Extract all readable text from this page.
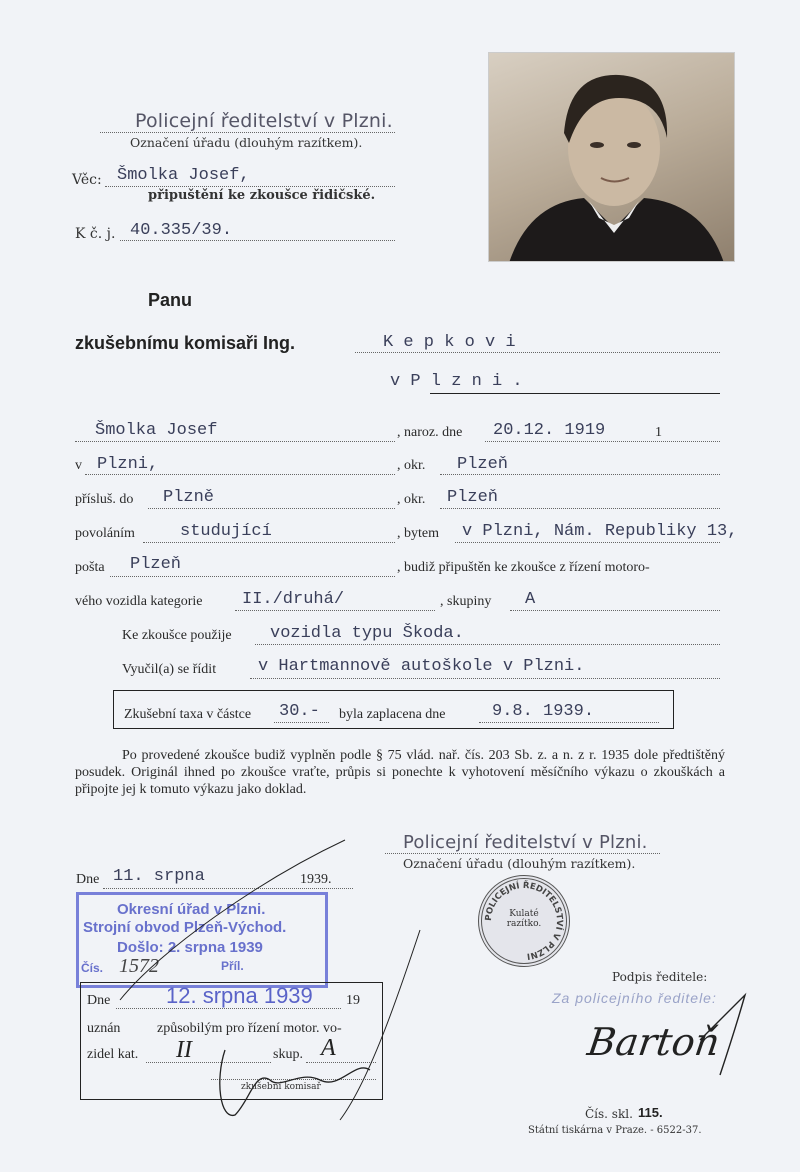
Policejní ředitelství v Plzni.
Označení úřadu (dlouhým razítkem).
Věc: Šmolka Josef,
připuštění ke zkoušce řidičské.
K č. j. 40.335/39.
Panu
zkušebnímu komisaři Ing.	K e p k o v i
v P l z n i .
Šmolka Josef	, naroz. dne 20.12. 1919	1
v Plzni,	, okr. Plzeň
přísluš. do Plzně	, okr. Plzeň
povoláním	studující	, bytem v Plzni, Nám. Republiky 13,
pošta Plzeň	, budiž připuštěn ke zkoušce z řízení motoro-
vého vozidla kategorie II./druhá/	, skupiny A
Ke zkoušce použije vozidla typu Škoda.
Vyučil(a) se řídit v Hartmannově autoškole v Plzni.
Zkušební taxa v částce 30.- byla zaplacena dne	9.8. 1939.
Po provedené zkoušce budiž vyplněn podle § 75 vlád. nař. čís. 203 Sb. z. a n. z r. 1935 dole předtištěný posudek. Originál ihned po zkoušce vraťte, průpis si ponechte k vyhotovení měsíčního výkazu o zkouškách a připojte jej k tomuto výkazu jako doklad.
Policejní ředitelství v Plzni.
Označení úřadu (dlouhým razítkem).
Dne 11. srpna	1939.
Okresní úřad v Plzni.
Strojní obvod Plzeň-Východ.
Došlo: 2. srpna 1939
Čís. 1572	Příl.
Dne	12. srpna 1939 19
uznán	způsobilým pro řízení motor. vo-
zidel kat. II	skup. A
zkušební komisař
POLICEJNÍ ŘEDITELSTVÍ V PLZNI
Kulaté razítko.
Podpis ředitele:
Za policejního ředitele:
Bartoň
Čís. skl. 115.
Státní tiskárna v Praze. - 6522-37.
